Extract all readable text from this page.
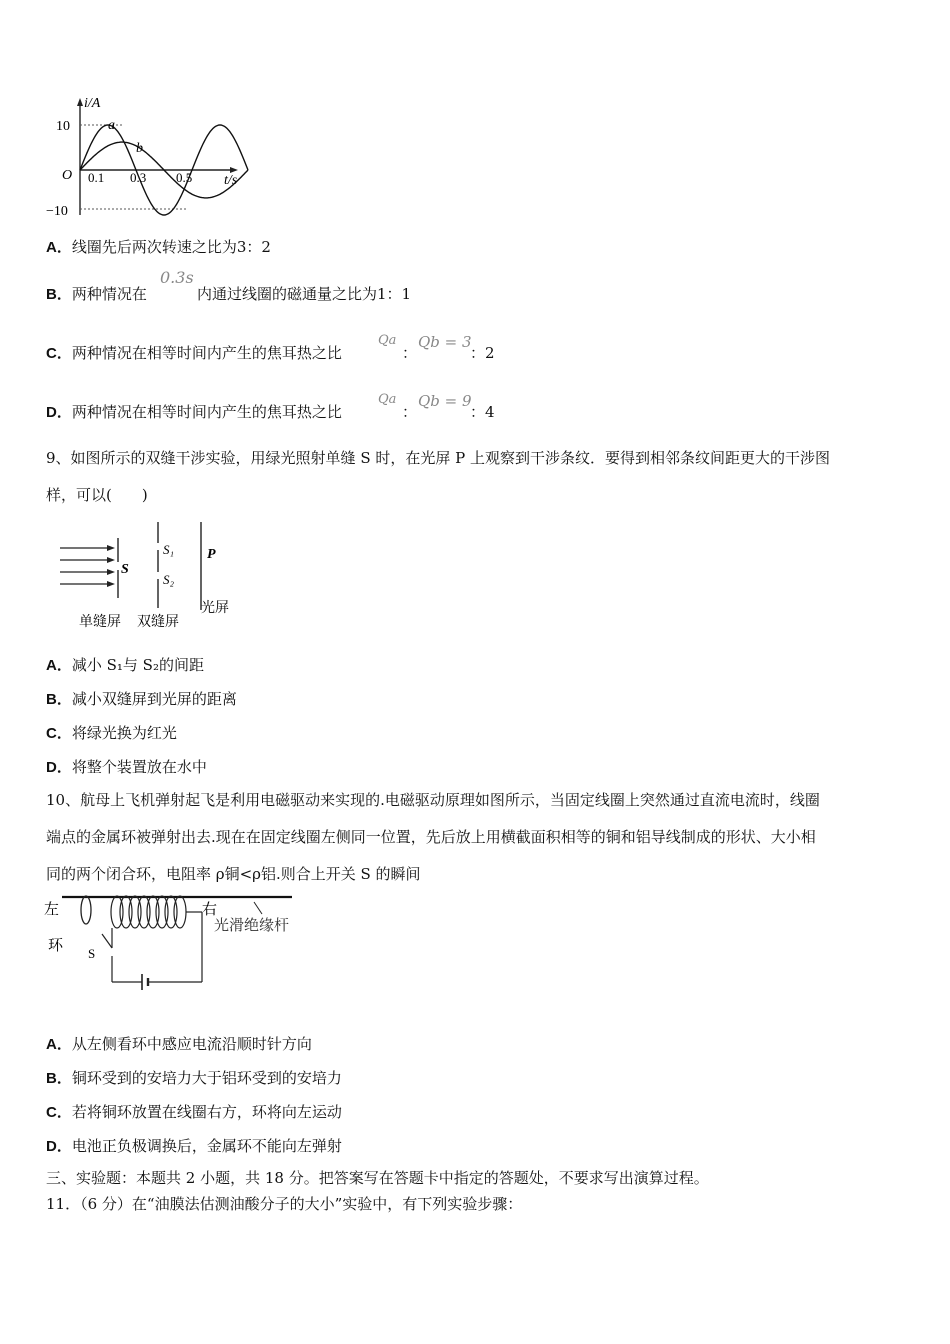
i/A
10
−10
O 0.1 0.3 0.5 t/s
a
b
A．线圈先后两次转速之比为3：2
B．两种情况在
0.3s
内通过线圈的磁通量之比为1：1
C．两种情况在相等时间内产生的焦耳热之比
Qa
：
Qb = 3
：2
D．两种情况在相等时间内产生的焦耳热之比
Qa
：
Qb = 9
：4
9、如图所示的双缝干涉实验，用绿光照射单缝 S 时，在光屏 P 上观察到干涉条纹．要得到相邻条纹间距更大的干涉图
样，可以(　　)
S
S₁
S₂
P
单缝屏 双缝屏
光屏
A．减小 S₁与 S₂的间距
B．减小双缝屏到光屏的距离
C．将绿光换为红光
D．将整个装置放在水中
10、航母上飞机弹射起飞是利用电磁驱动来实现的.电磁驱动原理如图所示，当固定线圈上突然通过直流电流时，线圈
端点的金属环被弹射出去.现在在固定线圈左侧同一位置，先后放上用横截面积相等的铜和铝导线制成的形状、大小相
同的两个闭合环，电阻率 ρ铜<ρ铝.则合上开关 S 的瞬间
左	右
光滑绝缘杆
环 S
A．从左侧看环中感应电流沿顺时针方向
B．铜环受到的安培力大于铝环受到的安培力
C．若将铜环放置在线圈右方，环将向左运动
D．电池正负极调换后，金属环不能向左弹射
三、实验题：本题共 2 小题，共 18 分。把答案写在答题卡中指定的答题处，不要求写出演算过程。
11．（6 分）在“油膜法估测油酸分子的大小”实验中，有下列实验步骤：
